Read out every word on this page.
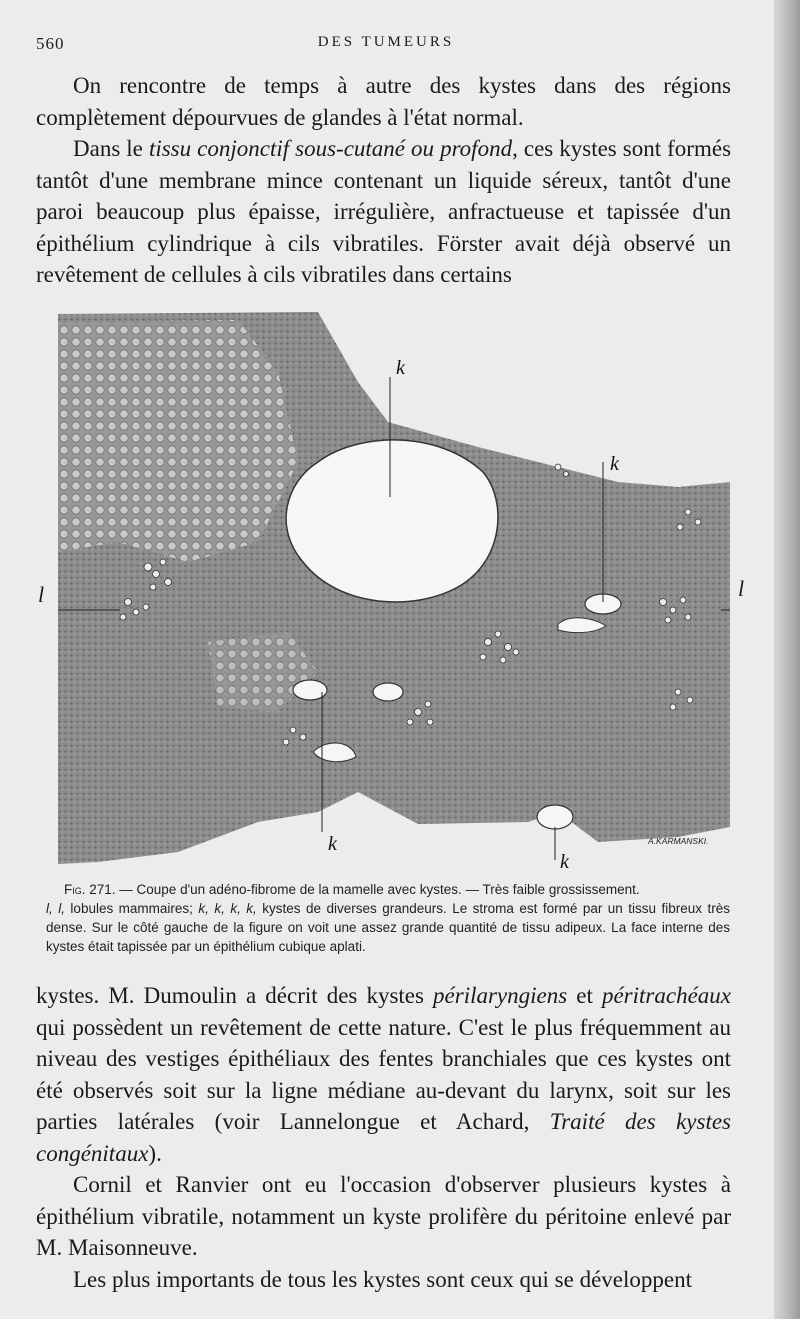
560	DES TUMEURS

On rencontre de temps à autre des kystes dans des régions complètement dépourvues de glandes à l'état normal.

Dans le tissu conjonctif sous-cutané ou profond, ces kystes sont formés tantôt d'une membrane mince contenant un liquide séreux, tantôt d'une paroi beaucoup plus épaisse, irrégulière, anfractueuse et tapissée d'un épithélium cylindrique à cils vibratiles. Förster avait déjà observé un revêtement de cellules à cils vibratiles dans certains

k
k
k
k
A.KARMANSKI.
l	l

Fig. 271. — Coupe d'un adéno-fibrome de la mamelle avec kystes. — Très faible grossissement.

l, l, lobules mammaires; k, k, k, k, kystes de diverses grandeurs. Le stroma est formé par un tissu fibreux très dense. Sur le côté gauche de la figure on voit une assez grande quantité de tissu adipeux. La face interne des kystes était tapissée par un épithélium cubique aplati.

kystes. M. Dumoulin a décrit des kystes périlaryngiens et péritrachéaux qui possèdent un revêtement de cette nature. C'est le plus fréquemment au niveau des vestiges épithéliaux des fentes branchiales que ces kystes ont été observés soit sur la ligne médiane au-devant du larynx, soit sur les parties latérales (voir Lannelongue et Achard, Traité des kystes congénitaux).

Cornil et Ranvier ont eu l'occasion d'observer plusieurs kystes à épithélium vibratile, notamment un kyste prolifère du péritoine enlevé par M. Maisonneuve.

Les plus importants de tous les kystes sont ceux qui se développent
